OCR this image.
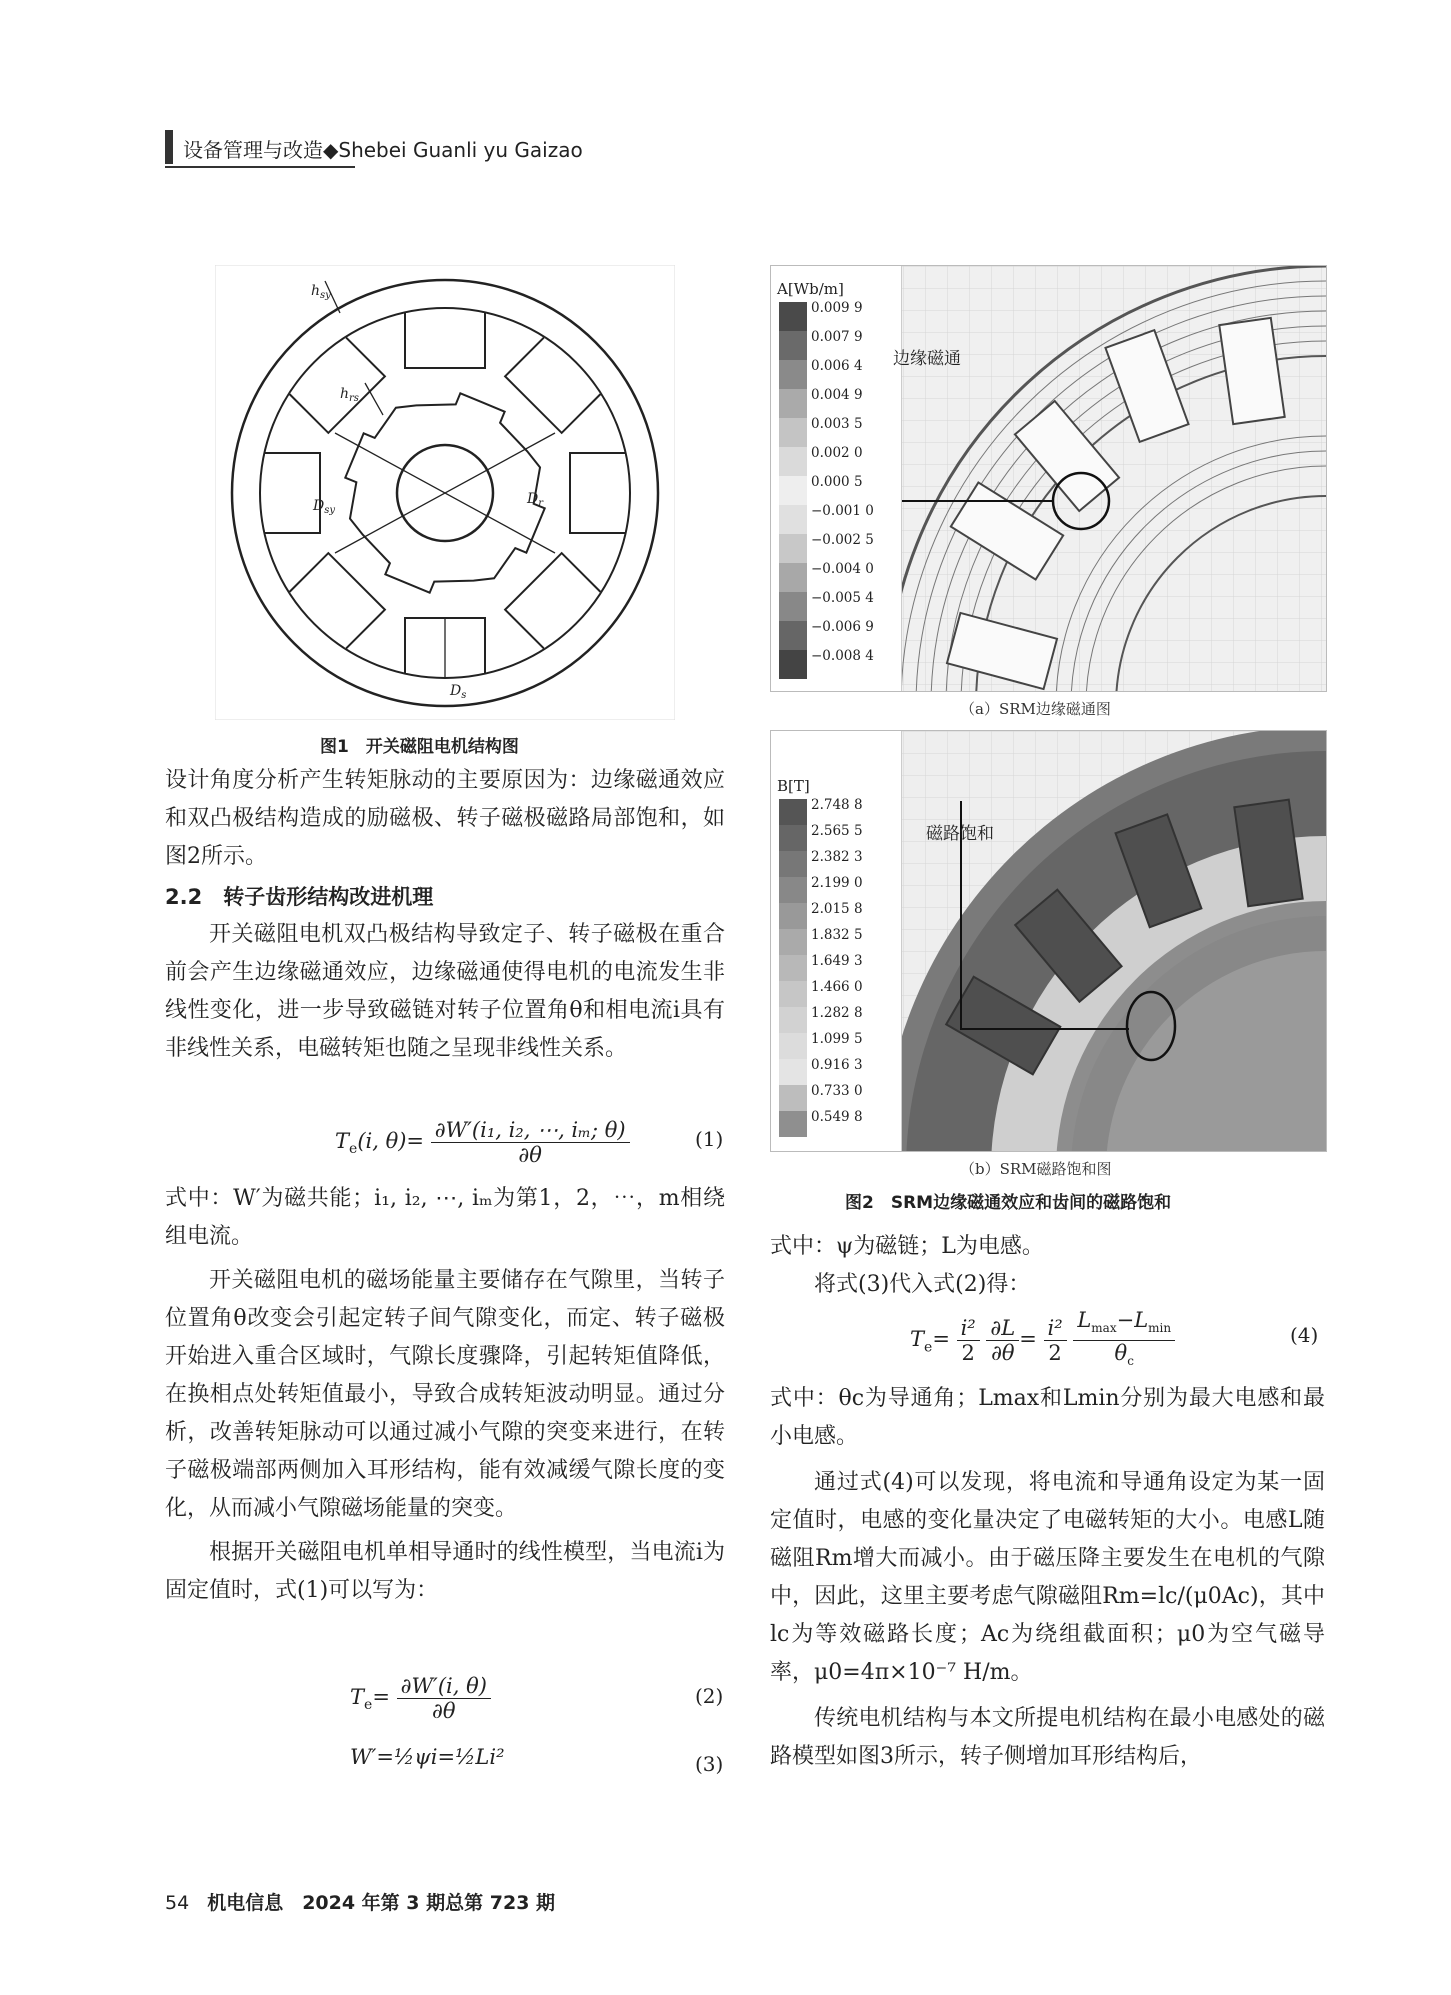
设备管理与改造◆Shebei Guanli yu Gaizao
$h_{sy}$
$h_{rs}$
$D_{sy}$
$D_r$
$D_s$
图1　开关磁阻电机结构图

设计角度分析产生转矩脉动的主要原因为：边缘磁通效应和双凸极结构造成的励磁极、转子磁极磁路局部饱和，如图2所示。

2.2　转子齿形结构改进机理

开关磁阻电机双凸极结构导致定子、转子磁极在重合前会产生边缘磁通效应，边缘磁通使得电机的电流发生非线性变化，进一步导致磁链对转子位置角θ和相电流i具有非线性关系，电磁转矩也随之呈现非线性关系。

$T_e(i$, $\theta)= \frac{\text{∂W′(i₁, i₂, ⋯, iₘ; θ)}}{\partial\theta}$	(1)

式中：W′为磁共能；i₁, i₂, ⋯, iₘ为第1，2，⋯，m相绕组电流。

开关磁阻电机的磁场能量主要储存在气隙里，当转子位置角θ改变会引起定转子间气隙变化，而定、转子磁极开始进入重合区域时，气隙长度骤降，引起转矩值降低，在换相点处转矩值最小，导致合成转矩波动明显。通过分析，改善转矩脉动可以通过减小气隙的突变来进行，在转子磁极端部两侧加入耳形结构，能有效减缓气隙长度的变化，从而减小气隙磁场能量的突变。

根据开关磁阻电机单相导通时的线性模型，当电流i为固定值时，式(1)可以写为：

$T_e= \frac{\partial W'(i, \theta)}{\partial\theta}$	(2)
W′=½ψi=½Li²	(3)
A[Wb/m]
0.009 9
0.007 9
0.006 4
0.004 9
0.003 5
0.002 0
0.000 5
−0.001 0
−0.002 5
−0.004 0
−0.005 4
−0.006 9
−0.008 4
边缘磁通
（a）SRM边缘磁通图
B[T]
2.748 8
2.565 5
2.382 3
2.199 0
2.015 8
1.832 5
1.649 3
1.466 0
1.282 8
1.099 5
0.916 3
0.733 0
0.549 8
磁路饱和
（b）SRM磁路饱和图
图2　SRM边缘磁通效应和齿间的磁路饱和

式中：ψ为磁链；L为电感。

将式(3)代入式(2)得：

$T_e= \frac{\text{i²}}{2}$
$\frac{\partial L}{\partial\theta} = \frac{\text{i²}}{2}$
$\frac{L_{max}-L_{min}}{\theta_c}$	(4)

式中：θc为导通角；Lmax和Lmin分别为最大电感和最小电感。

通过式(4)可以发现，将电流和导通角设定为某一固定值时，电感的变化量决定了电磁转矩的大小。电感L随磁阻Rm增大而减小。由于磁压降主要发生在电机的气隙中，因此，这里主要考虑气隙磁阻Rm=lc/(μ0Ac)，其中lc为等效磁路长度；Ac为绕组截面积；μ0为空气磁导率，μ0=4π×10⁻⁷ H/m。

传统电机结构与本文所提电机结构在最小电感处的磁路模型如图3所示，转子侧增加耳形结构后，

54 机电信息　2024 年第 3 期总第 723 期
